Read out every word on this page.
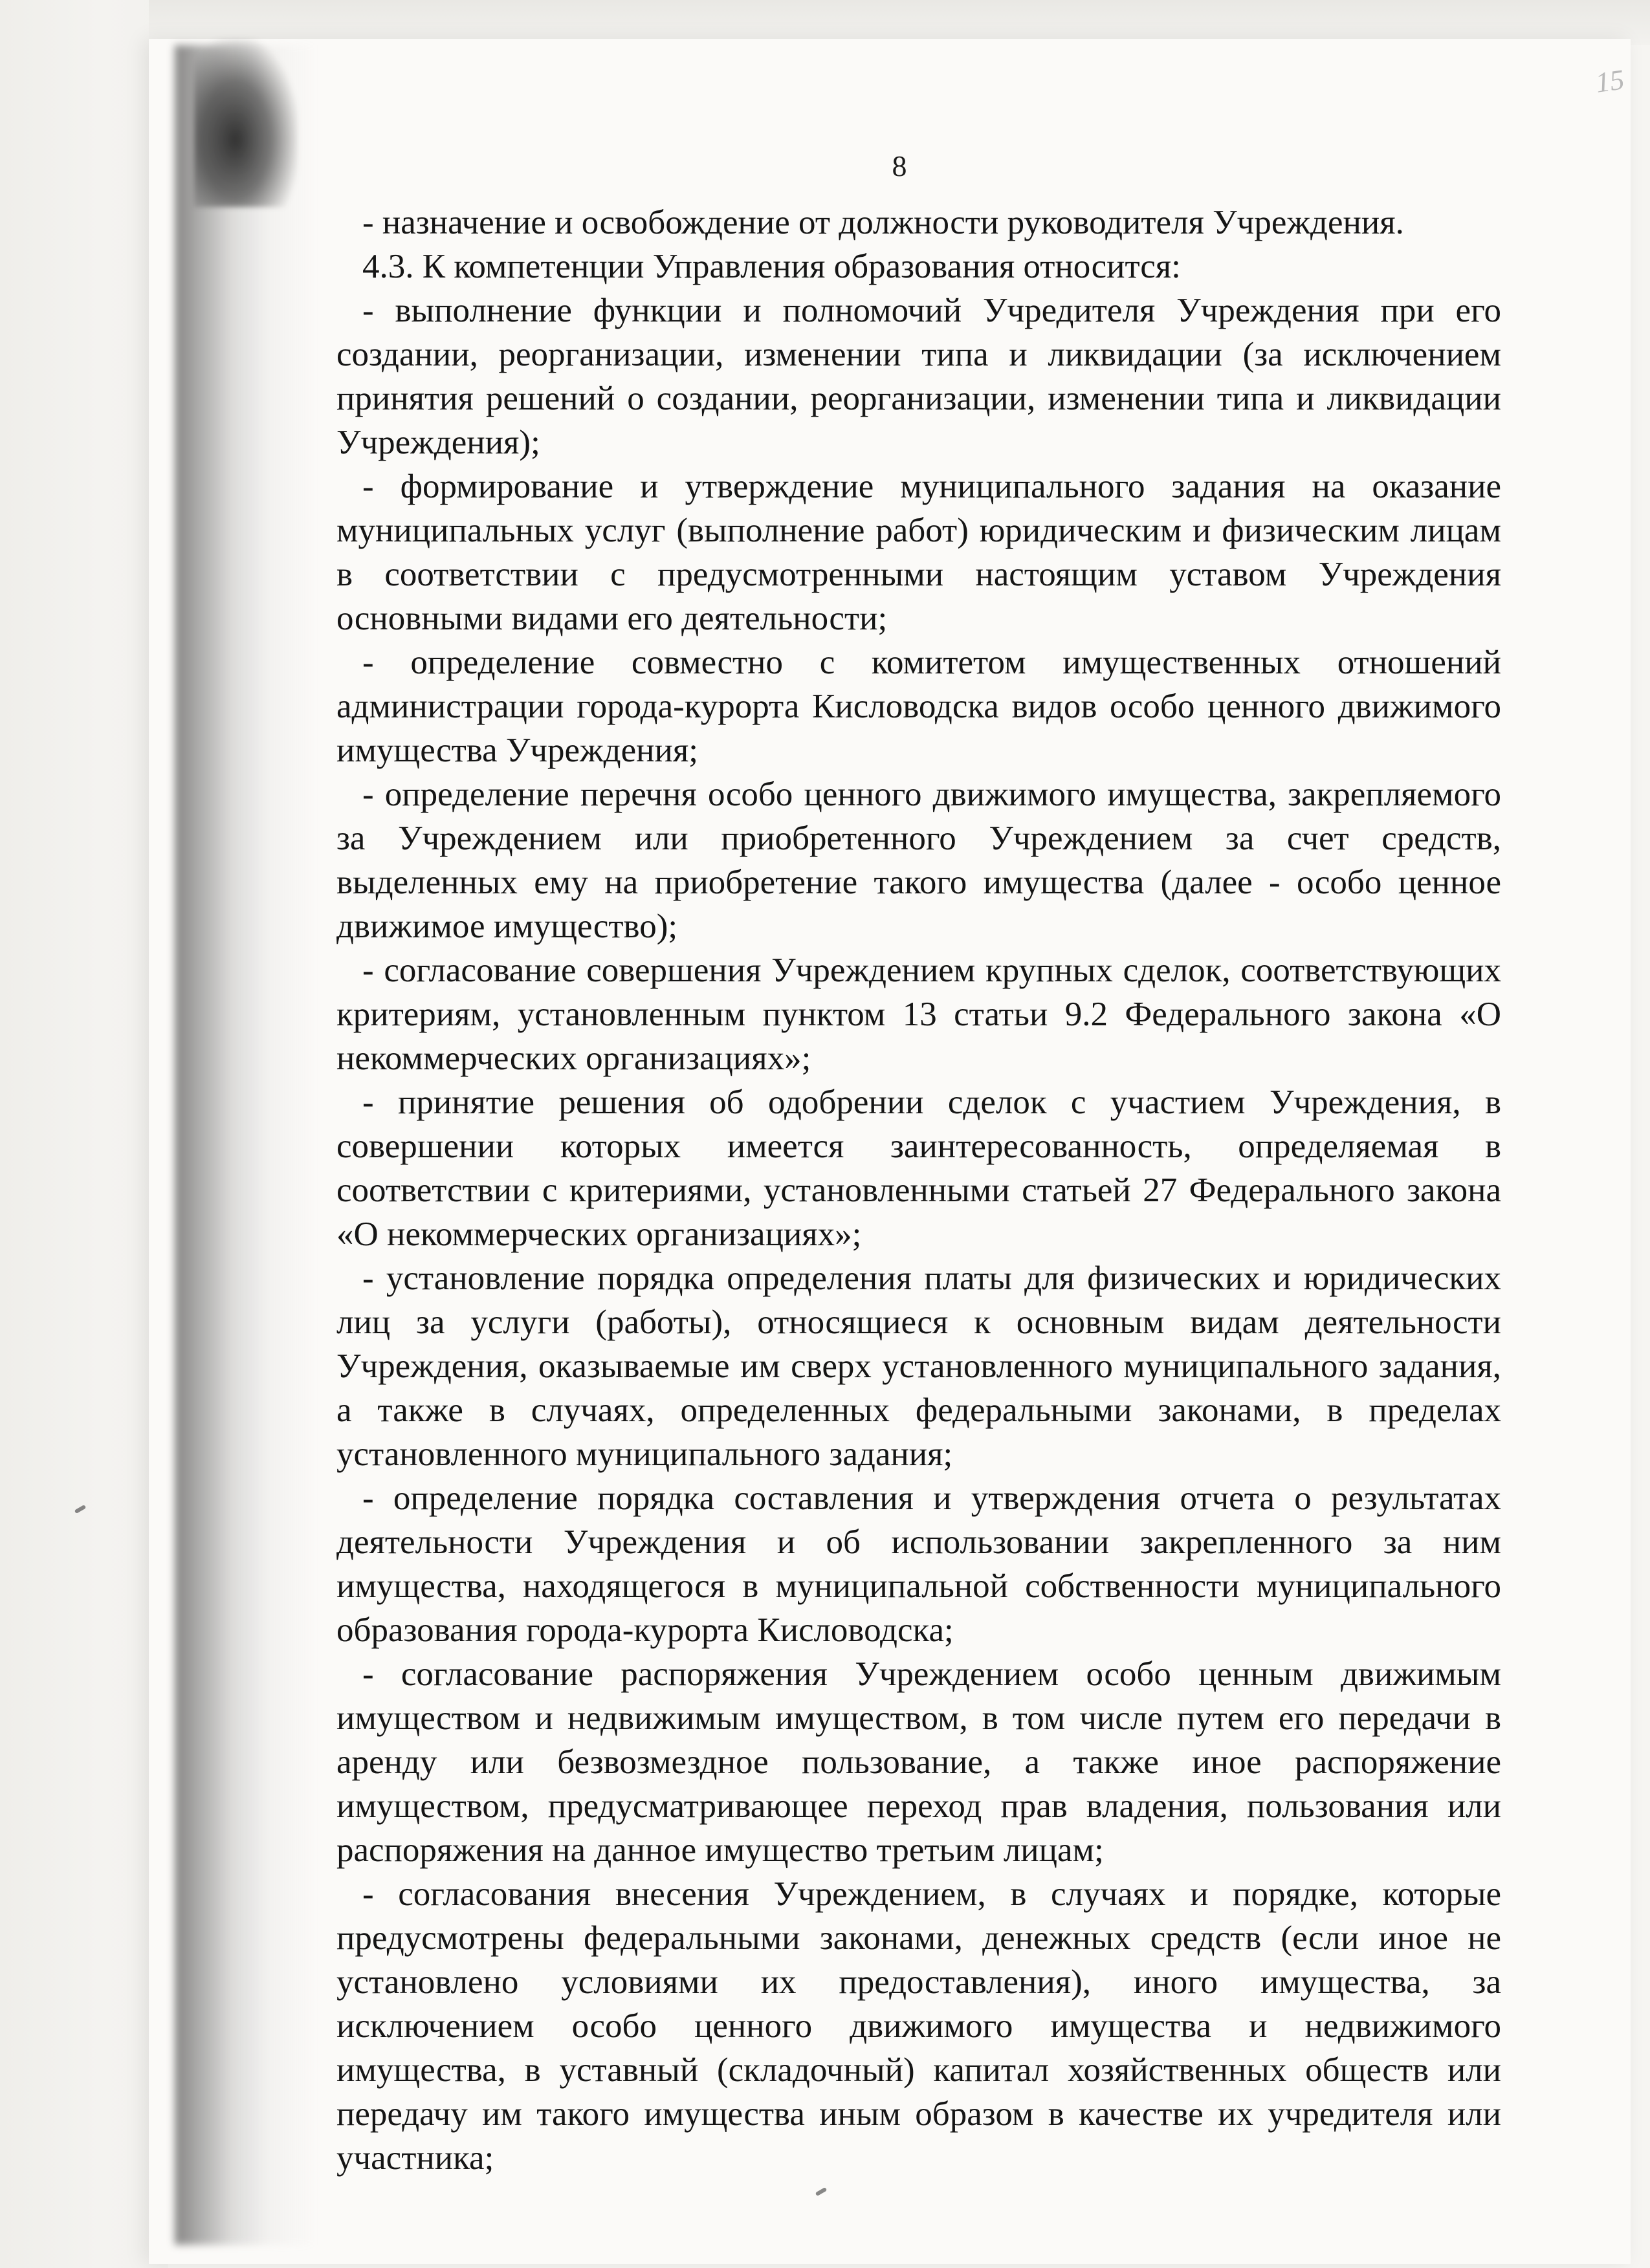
15
8

- назначение и освобождение от должности руководителя Учреждения.

4.3. К компетенции Управления образования относится:

- выполнение функции и полномочий Учредителя Учреждения при его создании, реорганизации, изменении типа и ликвидации (за исключением принятия решений о создании, реорганизации, изменении типа и ликвидации Учреждения);

- формирование и утверждение муниципального задания на оказание муниципальных услуг (выполнение работ) юридическим и физическим лицам в соответствии с предусмотренными настоящим уставом Учреждения основными видами его деятельности;

- определение совместно с комитетом имущественных отношений администрации города-курорта Кисловодска видов особо ценного движимого имущества Учреждения;

- определение перечня особо ценного движимого имущества, закрепляемого за Учреждением или приобретенного Учреждением за счет средств, выделенных ему на приобретение такого имущества (далее - особо ценное движимое имущество);

- согласование совершения Учреждением крупных сделок, соответствующих критериям, установленным пунктом 13 статьи 9.2 Федерального закона «О некоммерческих организациях»;

- принятие решения об одобрении сделок с участием Учреждения, в совершении которых имеется заинтересованность, определяемая в соответствии с критериями, установленными статьей 27 Федерального закона «О некоммерческих организациях»;

- установление порядка определения платы для физических и юридических лиц за услуги (работы), относящиеся к основным видам деятельности Учреждения, оказываемые им сверх установленного муниципального задания, а также в случаях, определенных федеральными законами, в пределах установленного муниципального задания;

- определение порядка составления и утверждения отчета о результатах деятельности Учреждения и об использовании закрепленного за ним имущества, находящегося в муниципальной собственности муниципального образования города-курорта Кисловодска;

- согласование распоряжения Учреждением особо ценным движимым имуществом и недвижимым имуществом, в том числе путем его передачи в аренду или безвозмездное пользование, а также иное распоряжение имуществом, предусматривающее переход прав владения, пользования или распоряжения на данное имущество третьим лицам;

- согласования внесения Учреждением, в случаях и порядке, которые предусмотрены федеральными законами, денежных средств (если иное не установлено условиями их предоставления), иного имущества, за исключением особо ценного движимого имущества и недвижимого имущества, в уставный (складочный) капитал хозяйственных обществ или передачу им такого имущества иным образом в качестве их учредителя или участника;
